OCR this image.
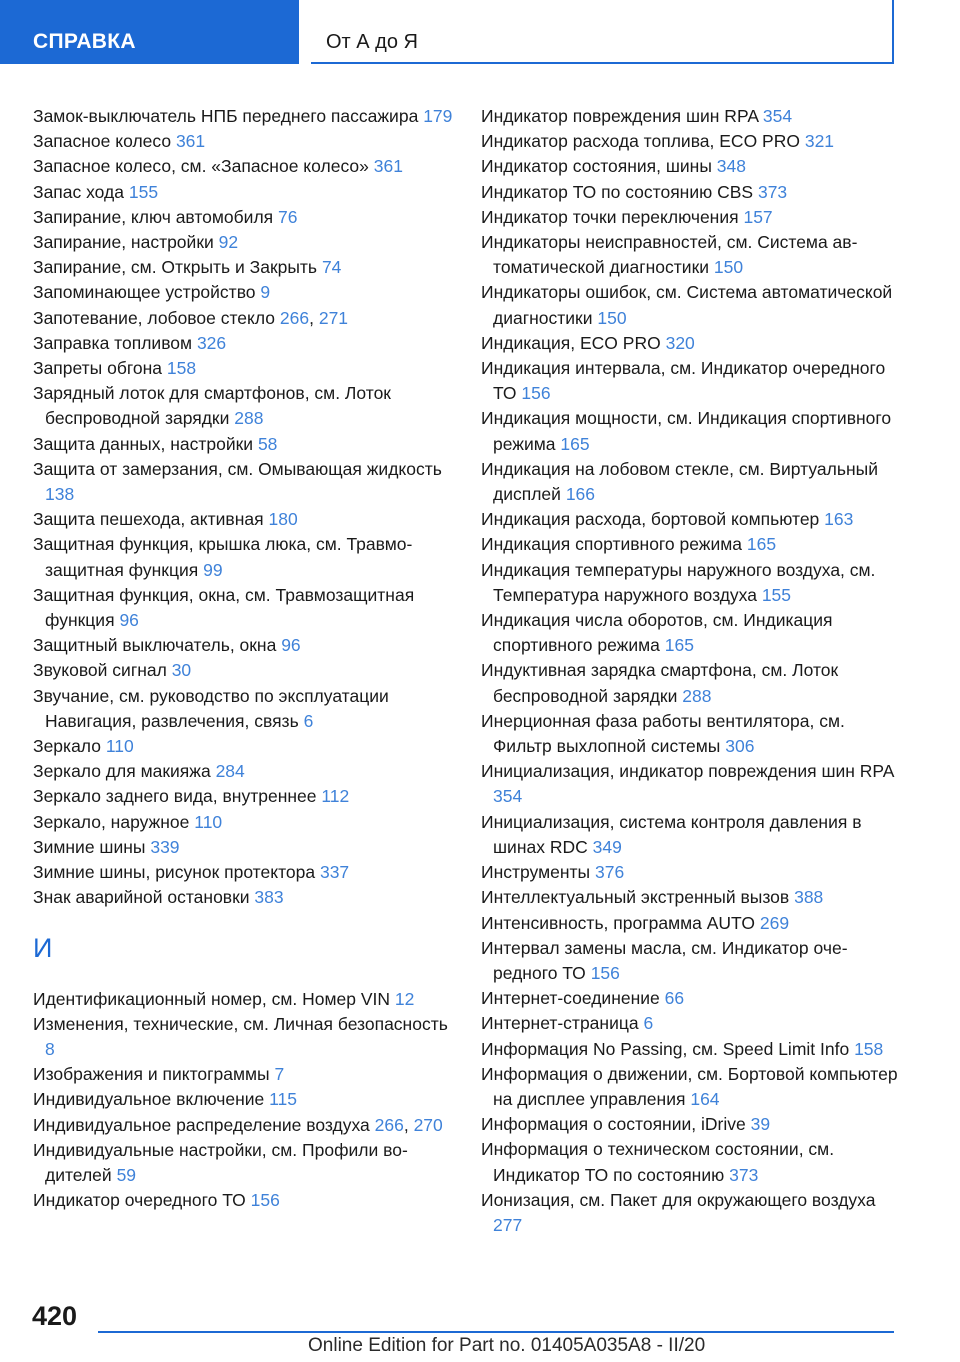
СПРАВКА	От А до Я
Замок-выключатель НПБ переднего пассажира 179
Запасное колесо 361
Запасное колесо, см. «Запасное колесо» 361
Запас хода 155
Запирание, ключ автомобиля 76
Запирание, настройки 92
Запирание, см. Открыть и Закрыть 74
Запоминающее устройство 9
Запотевание, лобовое стекло 266, 271
Заправка топливом 326
Запреты обгона 158
Зарядный лоток для смартфонов, см. Лоток беспроводной зарядки 288
Защита данных, настройки 58
Защита от замерзания, см. Омывающая жидкость 138
Защита пешехода, активная 180
Защитная функция, крышка люка, см. Травмозащитная функция 99
Защитная функция, окна, см. Травмозащитная функция 96
Защитный выключатель, окна 96
Звуковой сигнал 30
Звучание, см. руководство по эксплуатации Навигация, развлечения, связь 6
Зеркало 110
Зеркало для макияжа 284
Зеркало заднего вида, внутреннее 112
Зеркало, наружное 110
Зимние шины 339
Зимние шины, рисунок протектора 337
Знак аварийной остановки 383
И
Идентификационный номер, см. Номер VIN 12
Изменения, технические, см. Личная безопасность 8
Изображения и пиктограммы 7
Индивидуальное включение 115
Индивидуальное распределение воздуха 266, 270
Индивидуальные настройки, см. Профили водителей 59
Индикатор очередного ТО 156
Индикатор повреждения шин RPA 354
Индикатор расхода топлива, ECO PRO 321
Индикатор состояния, шины 348
Индикатор ТО по состоянию CBS 373
Индикатор точки переключения 157
Индикаторы неисправностей, см. Система автоматической диагностики 150
Индикаторы ошибок, см. Система автоматической диагностики 150
Индикация, ECO PRO 320
Индикация интервала, см. Индикатор очередного ТО 156
Индикация мощности, см. Индикация спортивного режима 165
Индикация на лобовом стекле, см. Виртуальный дисплей 166
Индикация расхода, бортовой компьютер 163
Индикация спортивного режима 165
Индикация температуры наружного воздуха, см. Температура наружного воздуха 155
Индикация числа оборотов, см. Индикация спортивного режима 165
Индуктивная зарядка смартфона, см. Лоток беспроводной зарядки 288
Инерционная фаза работы вентилятора, см. Фильтр выхлопной системы 306
Инициализация, индикатор повреждения шин RPA 354
Инициализация, система контроля давления в шинах RDC 349
Инструменты 376
Интеллектуальный экстренный вызов 388
Интенсивность, программа AUTO 269
Интервал замены масла, см. Индикатор очередного ТО 156
Интернет-соединение 66
Интернет-страница 6
Информация No Passing, см. Speed Limit Info 158
Информация о движении, см. Бортовой компьютер на дисплее управления 164
Информация о состоянии, iDrive 39
Информация о техническом состоянии, см. Индикатор ТО по состоянию 373
Ионизация, см. Пакет для окружающего воздуха 277
420
Online Edition for Part no. 01405A035A8 - II/20
